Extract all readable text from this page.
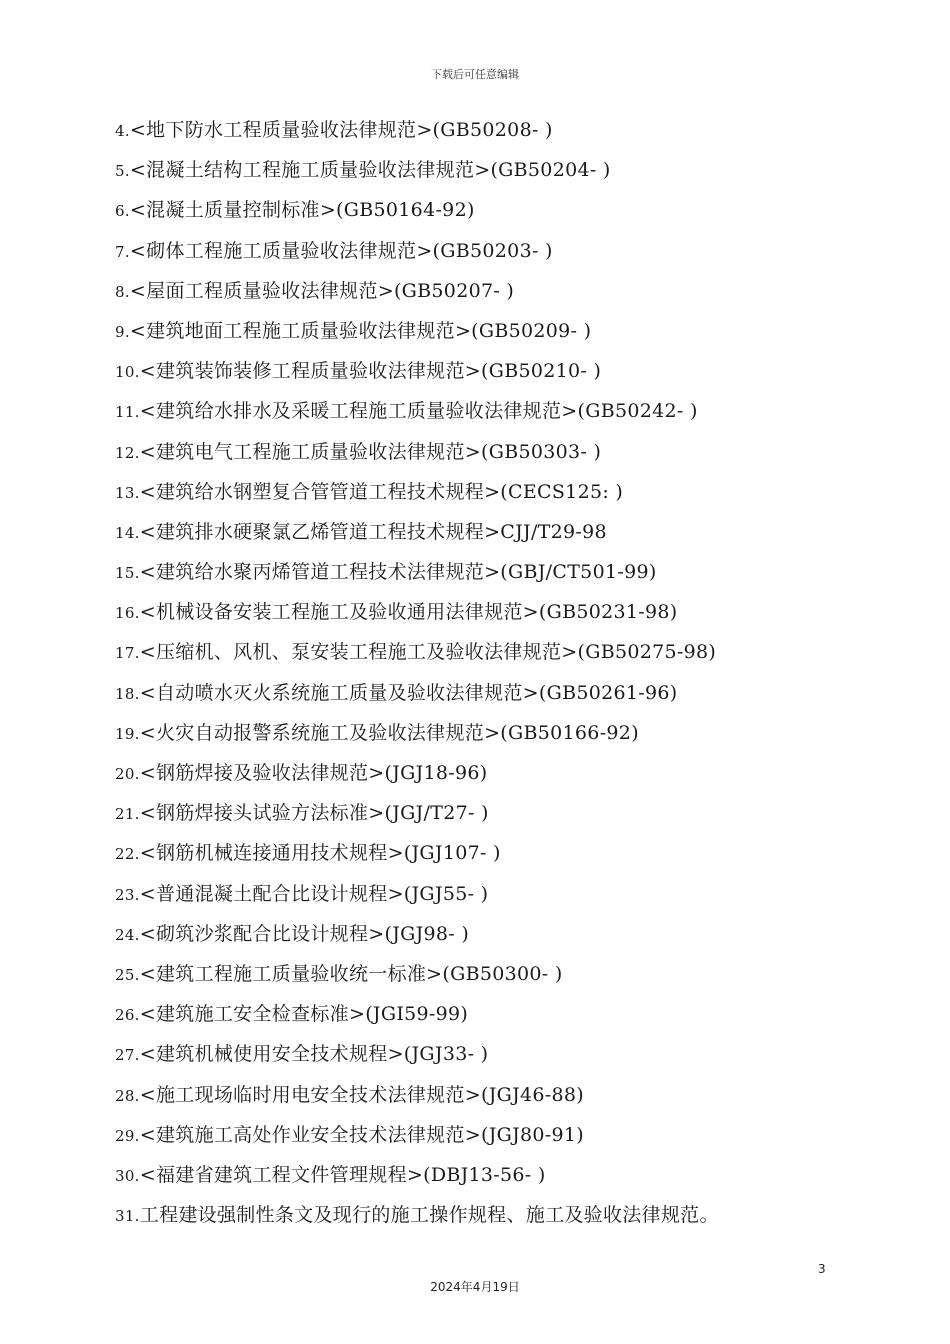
下载后可任意编辑
4.<地下防水工程质量验收法律规范>(GB50208- )
5.<混凝土结构工程施工质量验收法律规范>(GB50204- )
6.<混凝土质量控制标准>(GB50164-92)
7.<砌体工程施工质量验收法律规范>(GB50203- )
8.<屋面工程质量验收法律规范>(GB50207- )
9.<建筑地面工程施工质量验收法律规范>(GB50209- )
10.<建筑装饰装修工程质量验收法律规范>(GB50210- )
11.<建筑给水排水及采暖工程施工质量验收法律规范>(GB50242- )
12.<建筑电气工程施工质量验收法律规范>(GB50303- )
13.<建筑给水钢塑复合管管道工程技术规程>(CECS125: )
14.<建筑排水硬聚氯乙烯管道工程技术规程>CJJ/T29-98
15.<建筑给水聚丙烯管道工程技术法律规范>(GBJ/CT501-99)
16.<机械设备安装工程施工及验收通用法律规范>(GB50231-98)
17.<压缩机、风机、泵安装工程施工及验收法律规范>(GB50275-98)
18.<自动喷水灭火系统施工质量及验收法律规范>(GB50261-96)
19.<火灾自动报警系统施工及验收法律规范>(GB50166-92)
20.<钢筋焊接及验收法律规范>(JGJ18-96)
21.<钢筋焊接头试验方法标准>(JGJ/T27- )
22.<钢筋机械连接通用技术规程>(JGJ107- )
23.<普通混凝土配合比设计规程>(JGJ55- )
24.<砌筑沙浆配合比设计规程>(JGJ98- )
25.<建筑工程施工质量验收统一标准>(GB50300- )
26.<建筑施工安全检查标准>(JGI59-99)
27.<建筑机械使用安全技术规程>(JGJ33- )
28.<施工现场临时用电安全技术法律规范>(JGJ46-88)
29.<建筑施工高处作业安全技术法律规范>(JGJ80-91)
30.<福建省建筑工程文件管理规程>(DBJ13-56- )
31.工程建设强制性条文及现行的施工操作规程、施工及验收法律规范。
3
2024年4月19日
